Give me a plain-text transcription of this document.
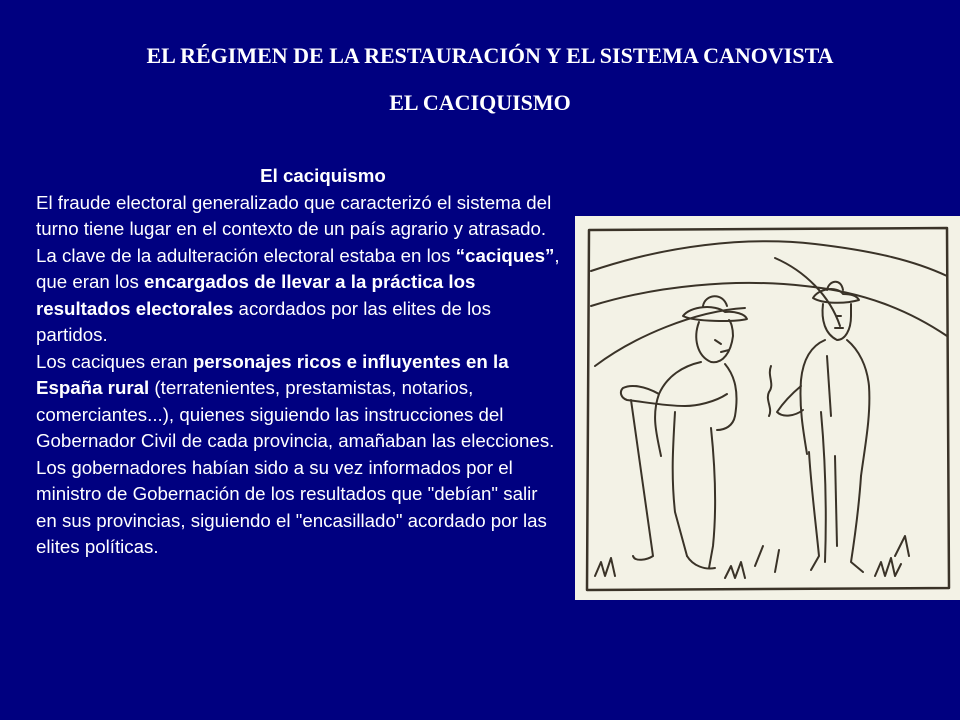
EL RÉGIMEN DE LA RESTAURACIÓN Y EL SISTEMA CANOVISTA
EL CACIQUISMO

El caciquismo

El fraude electoral generalizado que caracterizó el sistema del turno tiene lugar en el contexto de un país agrario y atrasado. La clave de la adulteración electoral estaba en los “caciques”, que eran los encargados de llevar a la práctica los resultados electorales acordados por las elites de los partidos.

Los caciques eran personajes ricos e influyentes en la España rural (terratenientes, prestamistas, notarios, comerciantes...), quienes siguiendo las instrucciones del Gobernador Civil de cada provincia, amañaban las elecciones.

Los gobernadores habían sido a su vez informados por el ministro de Gobernación de los resultados que "debían" salir en sus provincias, siguiendo el "encasillado" acordado por las elites políticas.
